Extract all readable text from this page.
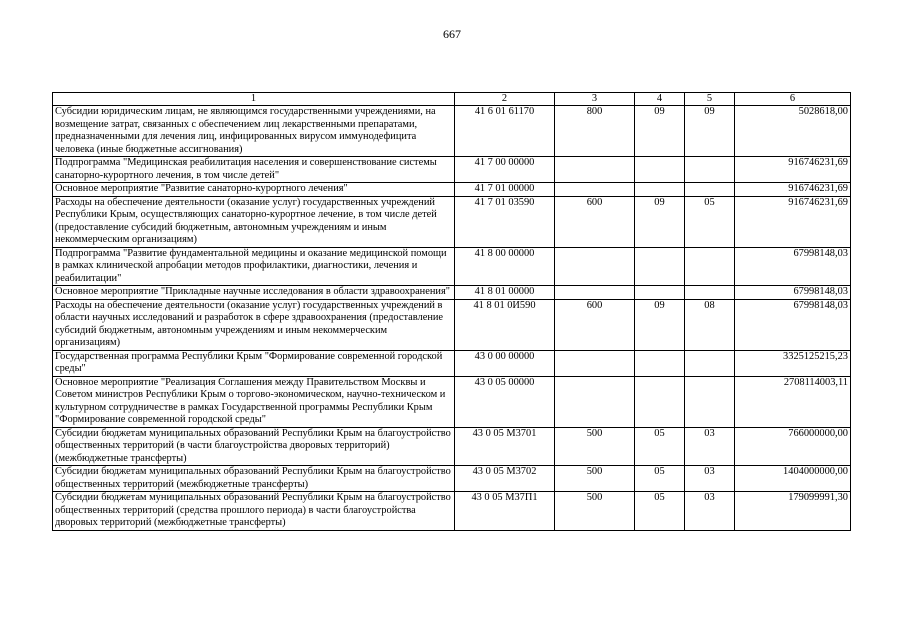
667
1	2	3	4	5	6
Субсидии юридическим лицам, не являющимся государственными учреждениями, на возмещение затрат, связанных с обеспечением лиц лекарственными препаратами, предназначенными для лечения лиц, инфицированных вирусом иммунодефицита человека (иные бюджетные ассигнования)	41 6 01 61170	800	09	09	5028618,00
Подпрограмма "Медицинская реабилитация населения и совершенствование системы санаторно-курортного лечения, в том числе детей"	41 7 00 00000				916746231,69
Основное мероприятие "Развитие санаторно-курортного лечения"	41 7 01 00000				916746231,69
Расходы на обеспечение деятельности (оказание услуг) государственных учреждений Республики Крым, осуществляющих санаторно-курортное лечение, в том числе детей (предоставление субсидий бюджетным, автономным учреждениям и иным некоммерческим организациям)	41 7 01 03590	600	09	05	916746231,69
Подпрограмма "Развитие фундаментальной медицины и оказание медицинской помощи в рамках клинической апробации методов профилактики, диагностики, лечения и реабилитации"	41 8 00 00000				67998148,03
Основное мероприятие "Прикладные научные исследования в области здравоохранения"	41 8 01 00000				67998148,03
Расходы на обеспечение деятельности (оказание услуг) государственных учреждений в области научных исследований и разработок в сфере здравоохранения (предоставление субсидий бюджетным, автономным учреждениям и иным некоммерческим организациям)	41 8 01 0И590	600	09	08	67998148,03
Государственная программа Республики Крым "Формирование современной городской среды"	43 0 00 00000				3325125215,23
Основное мероприятие "Реализация Соглашения между Правительством Москвы и Советом министров Республики Крым о торгово-экономическом, научно-техническом и культурном сотрудничестве в рамках Государственной программы Республики Крым "Формирование современной городской среды"	43 0 05 00000				2708114003,11
Субсидии бюджетам муниципальных образований Республики Крым на благоустройство общественных территорий (в части благоустройства дворовых территорий) (межбюджетные трансферты)	43 0 05 М3701	500	05	03	766000000,00
Субсидии бюджетам муниципальных образований Республики Крым на благоустройство общественных территорий (межбюджетные трансферты)	43 0 05 М3702	500	05	03	1404000000,00
Субсидии бюджетам муниципальных образований Республики Крым на благоустройство общественных территорий (средства прошлого периода) в части благоустройства дворовых территорий (межбюджетные трансферты)	43 0 05 М37П1	500	05	03	179099991,30
